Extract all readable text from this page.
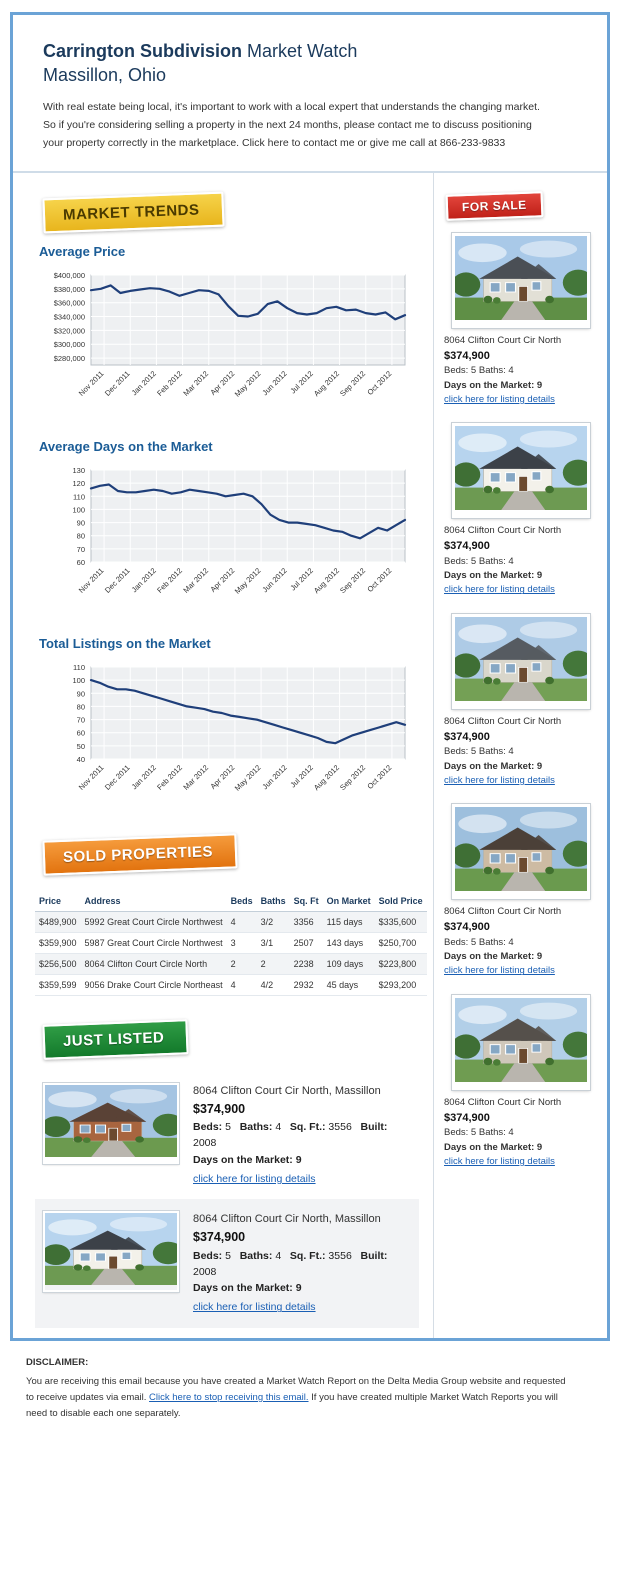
Carrington Subdivision Market Watch
Massillon, Ohio
With real estate being local, it's important to work with a local expert that understands the changing market.
So if you're considering selling a property in the next 24 months, please contact me to discuss positioning
your property correctly in the marketplace. Click here to contact me or give me call at 866-233-9833
MARKET TRENDS
Average Price
$280,000
$300,000
$320,000
$340,000
$360,000
$380,000
$400,000
Nov 2011
Dec 2011
Jan 2012
Feb 2012
Mar 2012
Apr 2012
May 2012
Jun 2012 Jul 2012
Aug 2012
Sep 2012
Oct 2012
Average Days on the Market
60
70
80
90
100
110
120
130
Nov 2011
Dec 2011
Jan 2012
Feb 2012
Mar 2012
Apr 2012
May 2012
Jun 2012 Jul 2012
Aug 2012
Sep 2012
Oct 2012
Total Listings on the Market
40
50
60
70
80
90
100
110
Nov 2011
Dec 2011
Jan 2012
Feb 2012
Mar 2012
Apr 2012
May 2012
Jun 2012 Jul 2012
Aug 2012
Sep 2012
Oct 2012
SOLD PROPERTIES
Price	Address	Beds	Baths	Sq. Ft	On Market	Sold Price
$489,900	5992 Great Court Circle Northwest	4	3/2	3356	115 days	$335,600
$359,900	5987 Great Court Circle Northwest	3	3/1	2507	143 days	$250,700
$256,500	8064 Clifton Court Circle North	2	2	2238	109 days	$223,800
$359,599	9056 Drake Court Circle Northeast	4	4/2	2932	45 days	$293,200
JUST LISTED
8064 Clifton Court Cir North, Massillon
$374,900
Beds: 5 Baths: 4 Sq. Ft.: 3556 Built: 2008
Days on the Market: 9
click here for listing details
8064 Clifton Court Cir North, Massillon
$374,900
Beds: 5 Baths: 4 Sq. Ft.: 3556 Built: 2008
Days on the Market: 9
click here for listing details
FOR SALE
8064 Clifton Court Cir North
$374,900
Beds: 5 Baths: 4
Days on the Market: 9
click here for listing details
8064 Clifton Court Cir North
$374,900
Beds: 5 Baths: 4
Days on the Market: 9
click here for listing details
8064 Clifton Court Cir North
$374,900
Beds: 5 Baths: 4
Days on the Market: 9
click here for listing details
8064 Clifton Court Cir North
$374,900
Beds: 5 Baths: 4
Days on the Market: 9
click here for listing details
8064 Clifton Court Cir North
$374,900
Beds: 5 Baths: 4
Days on the Market: 9
click here for listing details
DISCLAIMER:
You are receiving this email because you have created a Market Watch Report on the Delta Media Group website and requested
to receive updates via email. Click here to stop receiving this email. If you have created multiple Market Watch Reports you will
need to disable each one separately.
